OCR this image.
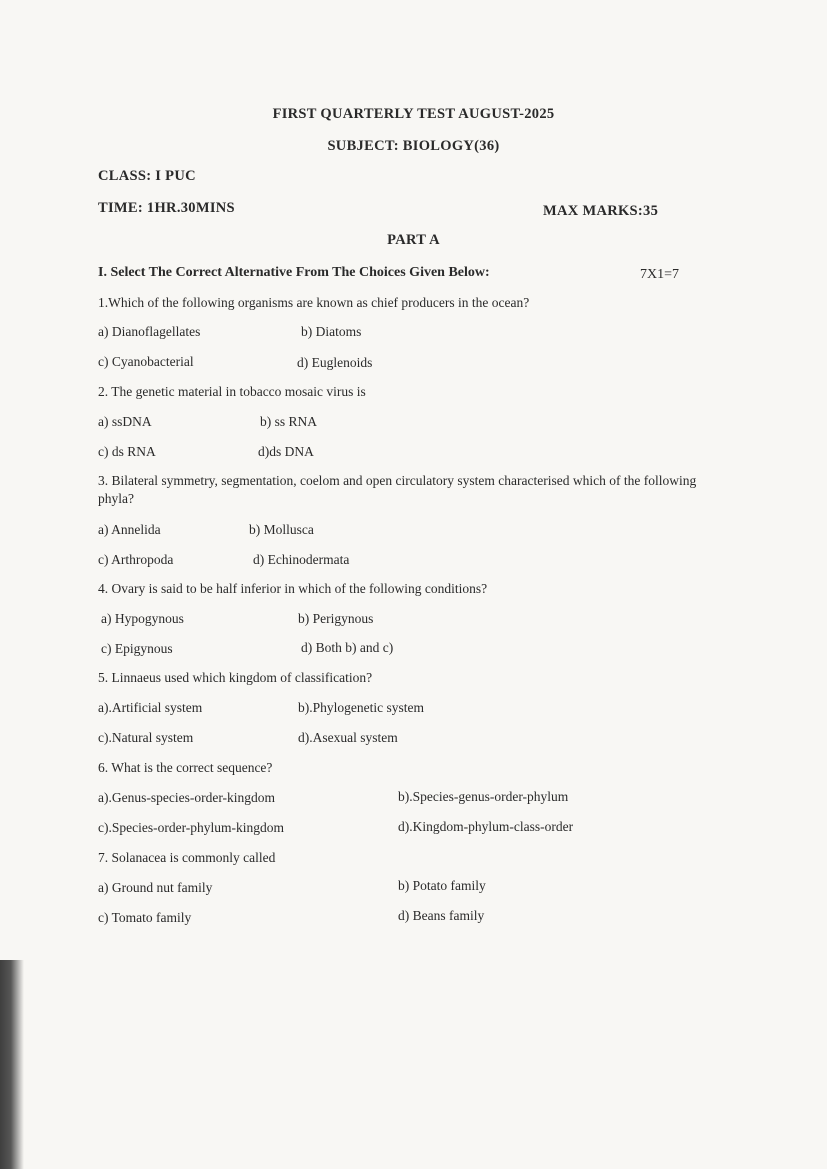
FIRST QUARTERLY TEST AUGUST-2025
SUBJECT: BIOLOGY(36)
CLASS: I PUC
TIME: 1HR.30MINS	MAX MARKS:35
PART A
I. Select The Correct Alternative From The Choices Given Below:	7X1=7
1.Which of the following organisms are known as chief producers in the ocean?
a) Dianoflagellates	b) Diatoms
c) Cyanobacterial	d) Euglenoids
2. The genetic material in tobacco mosaic virus is
a) ssDNA	b) ss RNA
c) ds RNA	d)ds DNA
3. Bilateral symmetry, segmentation, coelom and open circulatory system characterised which of the following phyla?
a) Annelida	b) Mollusca
c) Arthropoda	d) Echinodermata
4. Ovary is said to be half inferior in which of the following conditions?
a) Hypogynous	b) Perigynous
c) Epigynous	d) Both b) and c)
5. Linnaeus used which kingdom of classification?
a).Artificial system	b).Phylogenetic system
c).Natural system	d).Asexual system
6. What is the correct sequence?
a).Genus-species-order-kingdom	b).Species-genus-order-phylum
c).Species-order-phylum-kingdom	d).Kingdom-phylum-class-order
7. Solanacea is commonly called
a) Ground nut family	b) Potato family
c) Tomato family	d) Beans family
